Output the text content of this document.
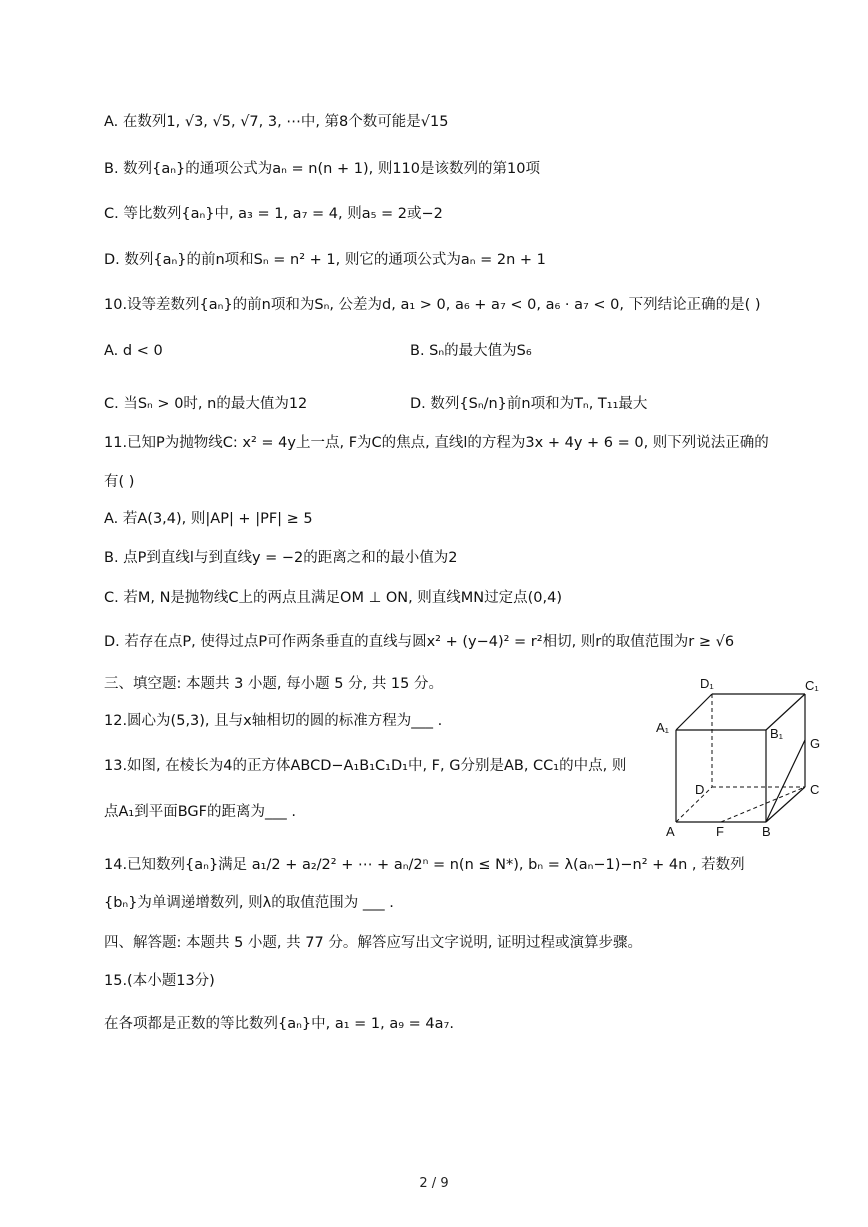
A. 在数列1, √3, √5, √7, 3, ⋯中, 第8个数可能是√15
B. 数列{aₙ}的通项公式为aₙ = n(n + 1), 则110是该数列的第10项
C. 等比数列{aₙ}中, a₃ = 1, a₇ = 4, 则a₅ = 2或−2
D. 数列{aₙ}的前n项和Sₙ = n² + 1, 则它的通项公式为aₙ = 2n + 1
10.设等差数列{aₙ}的前n项和为Sₙ, 公差为d, a₁ > 0, a₆ + a₇ < 0, a₆ · a₇ < 0, 下列结论正确的是( )
A. d < 0	B. Sₙ的最大值为S₆
C. 当Sₙ > 0时, n的最大值为12	D. 数列{Sₙ/n}前n项和为Tₙ, T₁₁最大
11.已知P为抛物线C: x² = 4y上一点, F为C的焦点, 直线l的方程为3x + 4y + 6 = 0, 则下列说法正确的
有( )
A. 若A(3,4), 则|AP| + |PF| ≥ 5
B. 点P到直线l与到直线y = −2的距离之和的最小值为2
C. 若M, N是抛物线C上的两点且满足OM ⊥ ON, 则直线MN过定点(0,4)
D. 若存在点P, 使得过点P可作两条垂直的直线与圆x² + (y−4)² = r²相切, 则r的取值范围为r ≥ √6
三、填空题: 本题共 3 小题, 每小题 5 分, 共 15 分。
12.圆心为(5,3), 且与x轴相切的圆的标准方程为___ .
13.如图, 在棱长为4的正方体ABCD−A₁B₁C₁D₁中, F, G分别是AB, CC₁的中点, 则
点A₁到平面BGF的距离为___ .
14.已知数列{aₙ}满足 a₁/2 + a₂/2² + ⋯ + aₙ/2ⁿ = n(n ≤ N*), bₙ = λ(aₙ−1)−n² + 4n , 若数列
{bₙ}为单调递增数列, 则λ的取值范围为 ___ .
四、解答题: 本题共 5 小题, 共 77 分。解答应写出文字说明, 证明过程或演算步骤。
15.(本小题13分)
在各项都是正数的等比数列{aₙ}中, a₁ = 1, a₉ = 4a₇.
D₁	C₁
A₁	B₁
G
D	C
A	F	B
2 / 9
